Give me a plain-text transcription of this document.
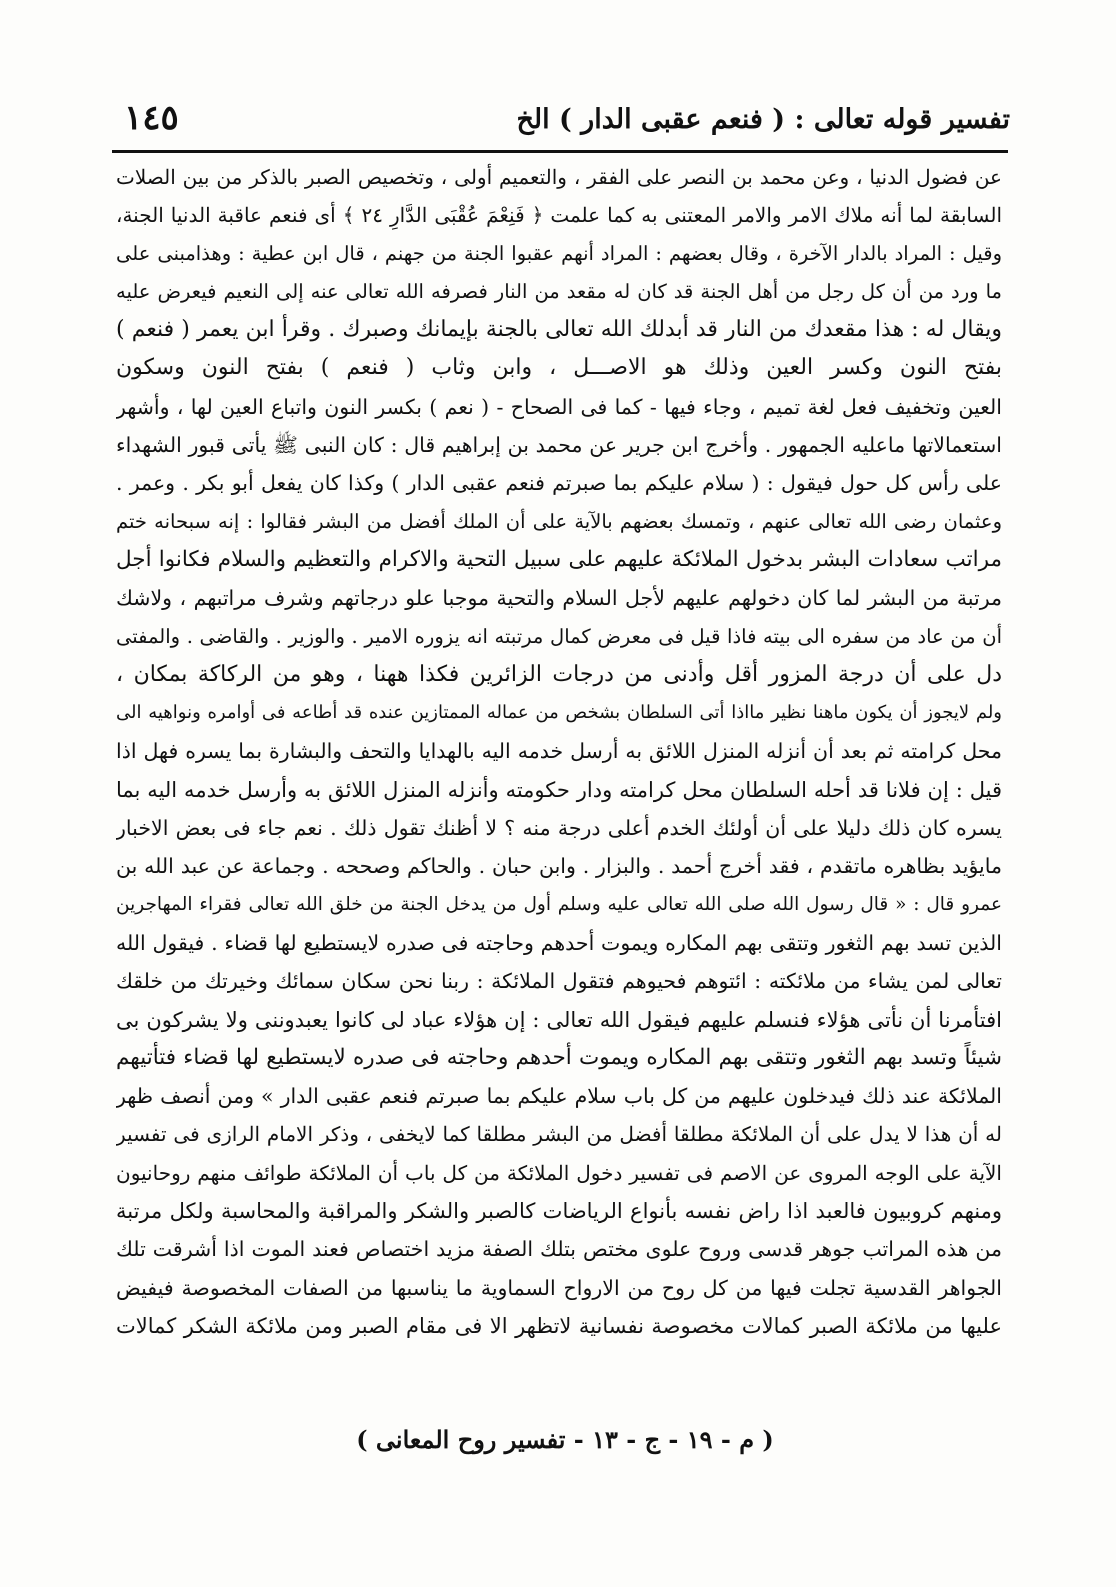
تفسير قوله تعالى : ( فنعم عقبى الدار ) الخ
١٤٥
عن فضول الدنيا ، وعن محمد بن النصر على الفقر ، والتعميم أولى ، وتخصيص الصبر بالذكر من بين الصلات
السابقة لما أنه ملاك الامر والامر المعتنى به كما علمت ﴿ فَنِعْمَ عُقْبَى الدَّارِ ٢٤ ﴾ أى فنعم عاقبة الدنيا الجنة،
وقيل : المراد بالدار الآخرة ، وقال بعضهم : المراد أنهم عقبوا الجنة من جهنم ، قال ابن عطية : وهذامبنى على
ما ورد من أن كل رجل من أهل الجنة قد كان له مقعد من النار فصرفه الله تعالى عنه إلى النعيم فيعرض عليه
ويقال له : هذا مقعدك من النار قد أبدلك الله تعالى بالجنة بإيمانك وصبرك . وقرأ ابن يعمر ( فنعم )
بفتح النون وكسر العين وذلك هو الاصـــل ، وابن وثاب ( فنعم ) بفتح النون وسكون
العين وتخفيف فعل لغة تميم ، وجاء فيها - كما فى الصحاح - ( نعم ) بكسر النون واتباع العين لها ، وأشهر
استعمالاتها ماعليه الجمهور . وأخرج ابن جرير عن محمد بن إبراهيم قال : كان النبى ﷺ يأتى قبور الشهداء
على رأس كل حول فيقول : ( سلام عليكم بما صبرتم فنعم عقبى الدار ) وكذا كان يفعل أبو بكر . وعمر .
وعثمان رضى الله تعالى عنهم ، وتمسك بعضهم بالآية على أن الملك أفضل من البشر فقالوا : إنه سبحانه ختم
مراتب سعادات البشر بدخول الملائكة عليهم على سبيل التحية والاكرام والتعظيم والسلام فكانوا أجل
مرتبة من البشر لما كان دخولهم عليهم لأجل السلام والتحية موجبا علو درجاتهم وشرف مراتبهم ، ولاشك
أن من عاد من سفره الى بيته فاذا قيل فى معرض كمال مرتبته انه يزوره الامير . والوزير . والقاضى . والمفتى
دل على أن درجة المزور أقل وأدنى من درجات الزائرين فكذا ههنا ، وهو من الركاكة بمكان ،
ولم لايجوز أن يكون ماهنا نظير مااذا أتى السلطان بشخص من عماله الممتازين عنده قد أطاعه فى أوامره ونواهيه الى
محل كرامته ثم بعد أن أنزله المنزل اللائق به أرسل خدمه اليه بالهدايا والتحف والبشارة بما يسره فهل اذا
قيل : إن فلانا قد أحله السلطان محل كرامته ودار حكومته وأنزله المنزل اللائق به وأرسل خدمه اليه بما
يسره كان ذلك دليلا على أن أولئك الخدم أعلى درجة منه ؟ لا أظنك تقول ذلك . نعم جاء فى بعض الاخبار
مايؤيد بظاهره ماتقدم ، فقد أخرج أحمد . والبزار . وابن حبان . والحاكم وصححه . وجماعة عن عبد الله بن
عمرو قال : « قال رسول الله صلى الله تعالى عليه وسلم أول من يدخل الجنة من خلق الله تعالى فقراء المهاجرين
الذين تسد بهم الثغور وتتقى بهم المكاره ويموت أحدهم وحاجته فى صدره لايستطيع لها قضاء . فيقول الله
تعالى لمن يشاء من ملائكته : ائتوهم فحيوهم فتقول الملائكة : ربنا نحن سكان سمائك وخيرتك من خلقك
افتأمرنا أن نأتى هؤلاء فنسلم عليهم فيقول الله تعالى : إن هؤلاء عباد لى كانوا يعبدوننى ولا يشركون بى
شيئاً وتسد بهم الثغور وتتقى بهم المكاره ويموت أحدهم وحاجته فى صدره لايستطيع لها قضاء فتأتيهم
الملائكة عند ذلك فيدخلون عليهم من كل باب سلام عليكم بما صبرتم فنعم عقبى الدار » ومن أنصف ظهر
له أن هذا لا يدل على أن الملائكة مطلقا أفضل من البشر مطلقا كما لايخفى ، وذكر الامام الرازى فى تفسير
الآية على الوجه المروى عن الاصم فى تفسير دخول الملائكة من كل باب أن الملائكة طوائف منهم روحانيون
ومنهم كروبيون فالعبد اذا راض نفسه بأنواع الرياضات كالصبر والشكر والمراقبة والمحاسبة ولكل مرتبة
من هذه المراتب جوهر قدسى وروح علوى مختص بتلك الصفة مزيد اختصاص فعند الموت اذا أشرقت تلك
الجواهر القدسية تجلت فيها من كل روح من الارواح السماوية ما يناسبها من الصفات المخصوصة فيفيض
عليها من ملائكة الصبر كمالات مخصوصة نفسانية لاتظهر الا فى مقام الصبر ومن ملائكة الشكر كمالات
( م - ١٩ - ج - ١٣ - تفسير روح المعانى )
